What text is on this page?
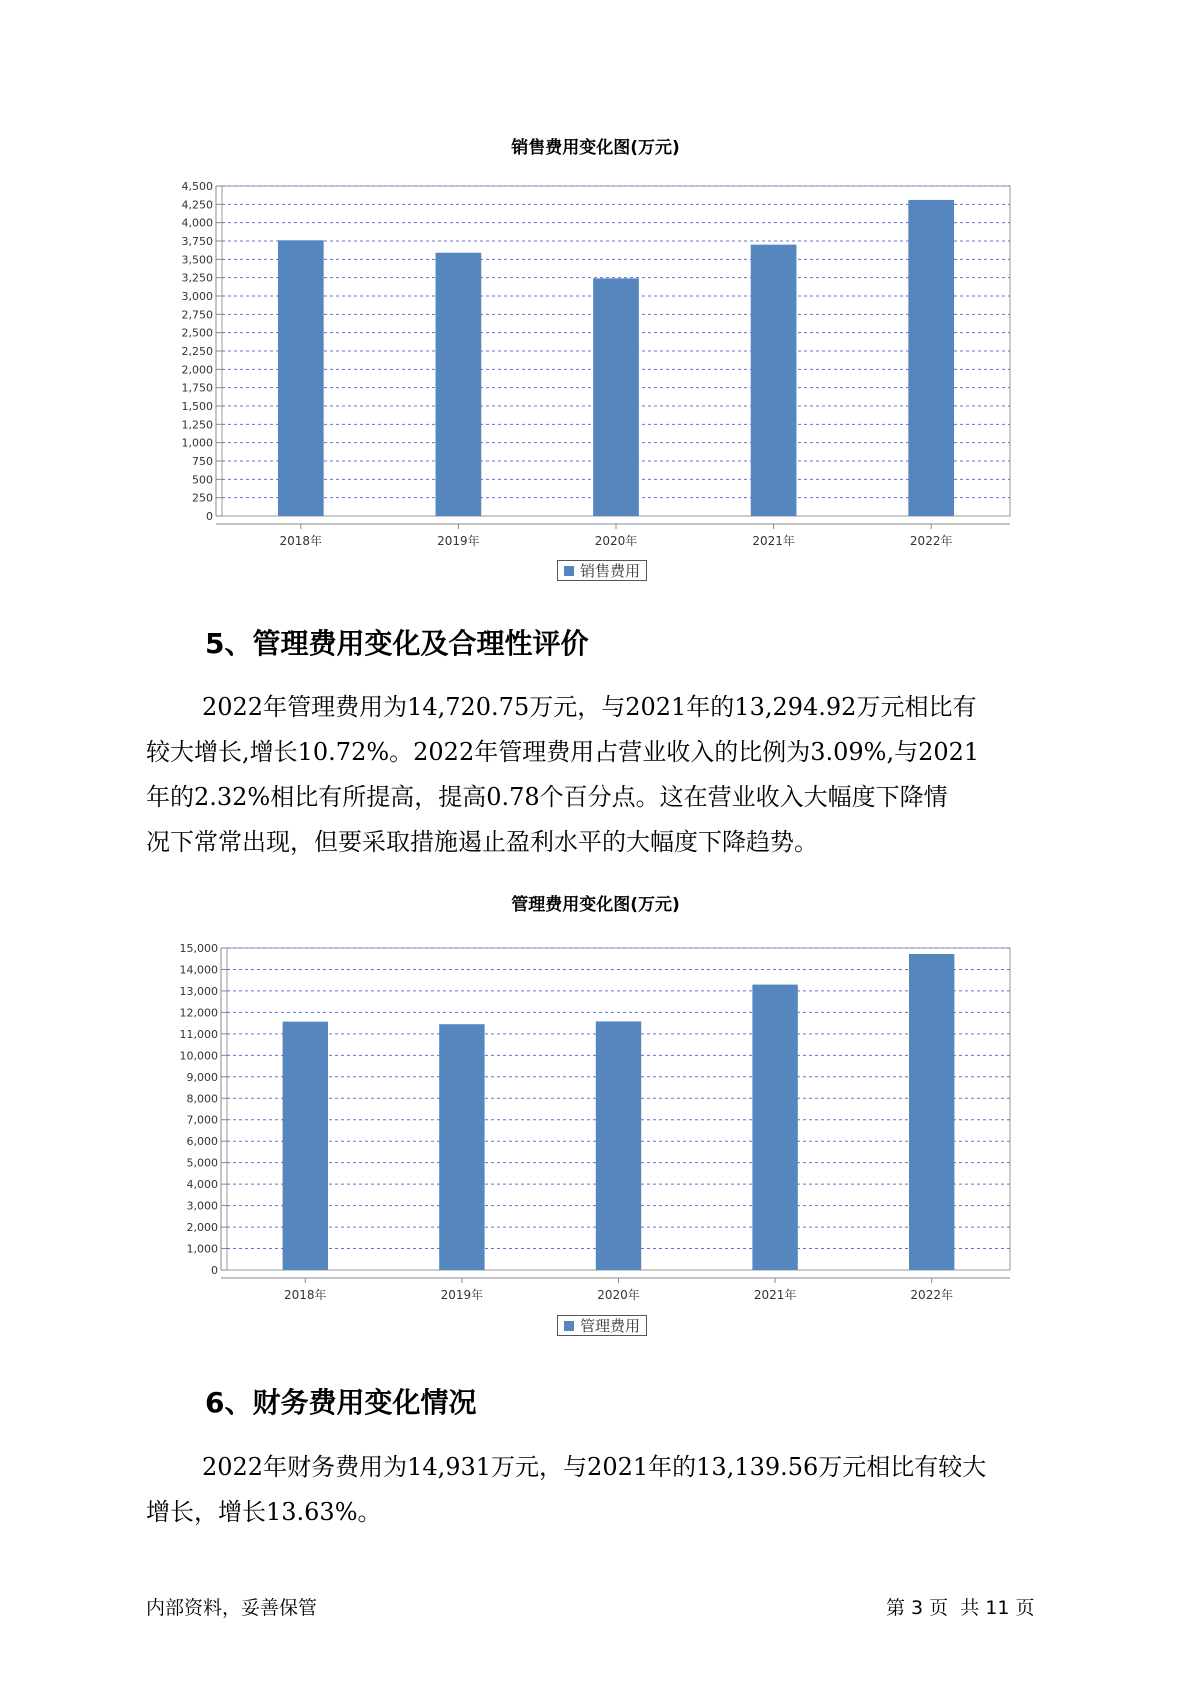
销售费用变化图(万元)
0
250
500
750
1,000
1,250
1,500
1,750
2,000
2,250
2,500
2,750
3,000
3,250
3,500
3,750
4,000
4,250
4,500
2018年	2019年	2020年	2021年	2022年
销售费用
5、管理费用变化及合理性评价
2022年管理费用为14,720.75万元，与2021年的13,294.92万元相比有
较大增长,增长10.72%。2022年管理费用占营业收入的比例为3.09%,与2021
年的2.32%相比有所提高，提高0.78个百分点。这在营业收入大幅度下降情
况下常常出现，但要采取措施遏止盈利水平的大幅度下降趋势。
管理费用变化图(万元)
0
1,000
2,000
3,000
4,000
5,000
6,000
7,000
8,000
9,000
10,000
11,000
12,000
13,000
14,000
15,000
2018年	2019年	2020年	2021年	2022年
管理费用
6、财务费用变化情况
2022年财务费用为14,931万元，与2021年的13,139.56万元相比有较大
增长，增长13.63%。
内部资料，妥善保管	第 3 页  共 11 页
